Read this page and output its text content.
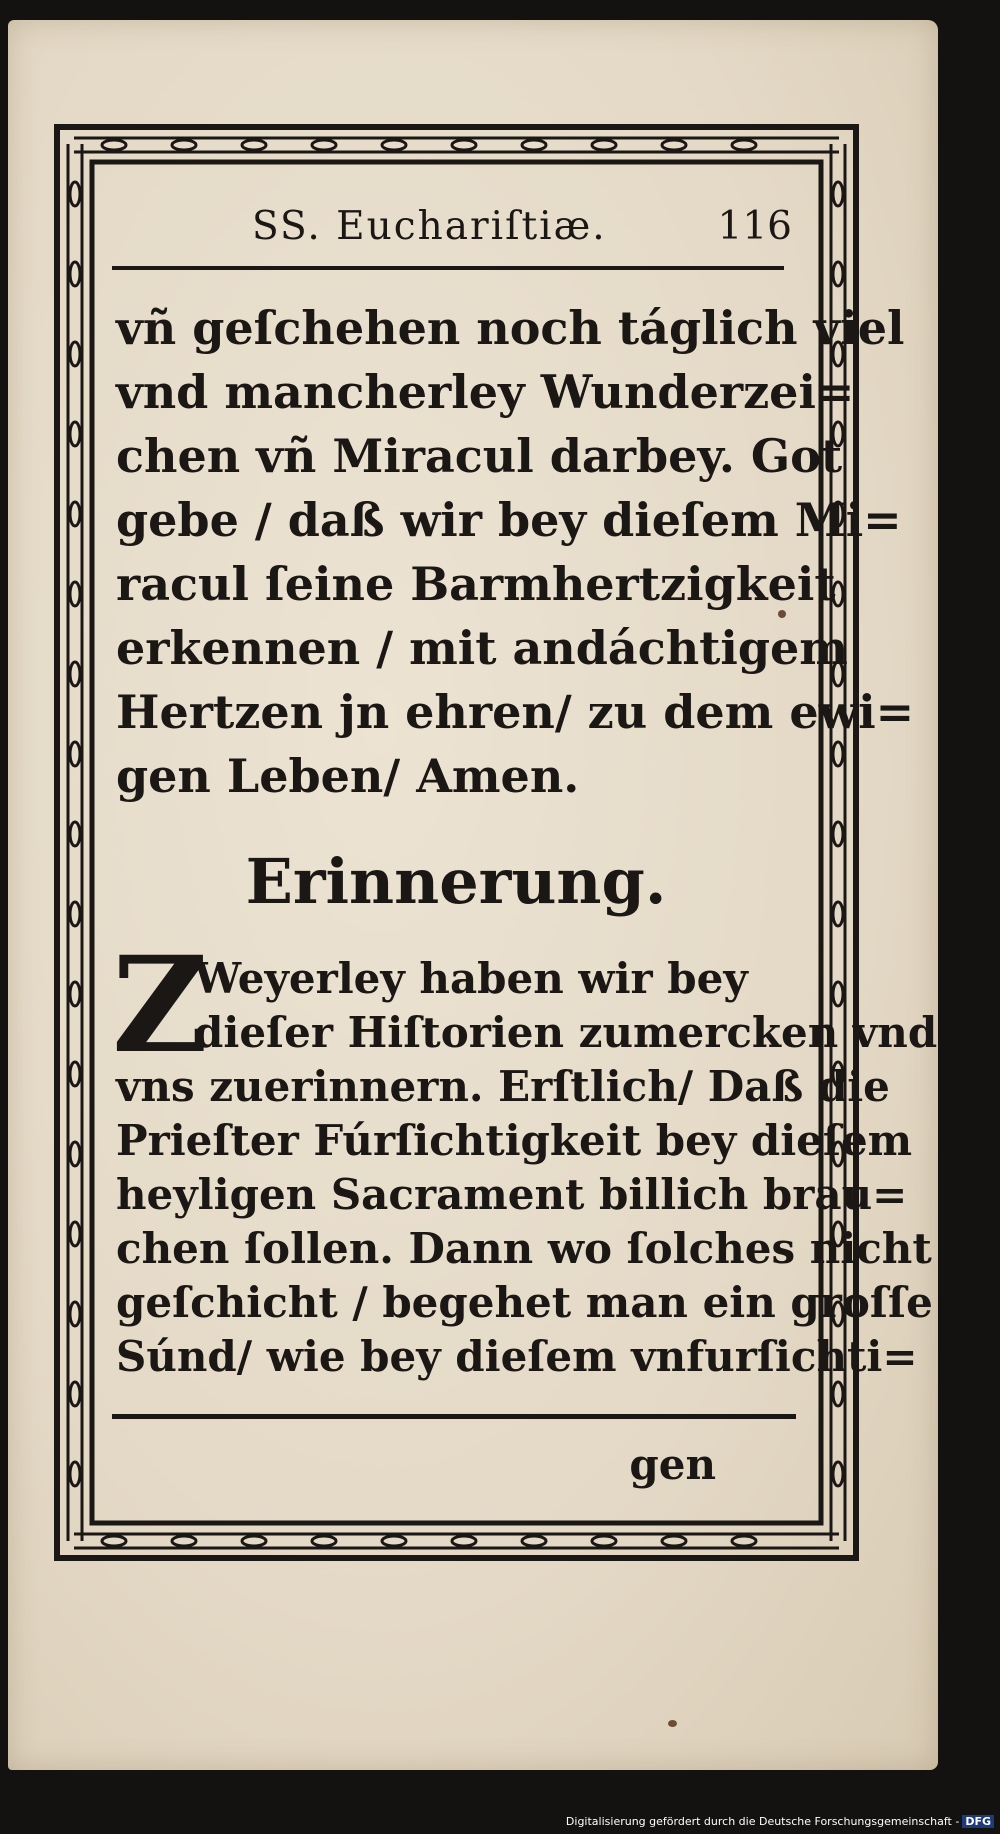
SS. Euchariſtiæ.	116
vñ geſchehen noch táglich viel
vnd mancherley Wunderzei=
chen vñ Miracul darbey. Got
gebe / daß wir bey dieſem Mi=
racul ſeine Barmhertzigkeit
erkennen / mit andáchtigem
Hertzen jn ehren/ zu dem ewi=
gen Leben/ Amen.
Erinnerung.
Z
Weyerley haben wir bey
dieſer Hiſtorien zumercken vnd
vns zuerinnern. Erſtlich/ Daß die
Prieſter Fúrſichtigkeit bey dieſem
heyligen Sacrament billich brau=
chen ſollen. Dann wo ſolches nicht
geſchicht / begehet man ein groſſe
Súnd/ wie bey dieſem vnfurſichti=
gen
Digitalisierung gefördert durch die Deutsche Forschungsgemeinschaft - DFG
